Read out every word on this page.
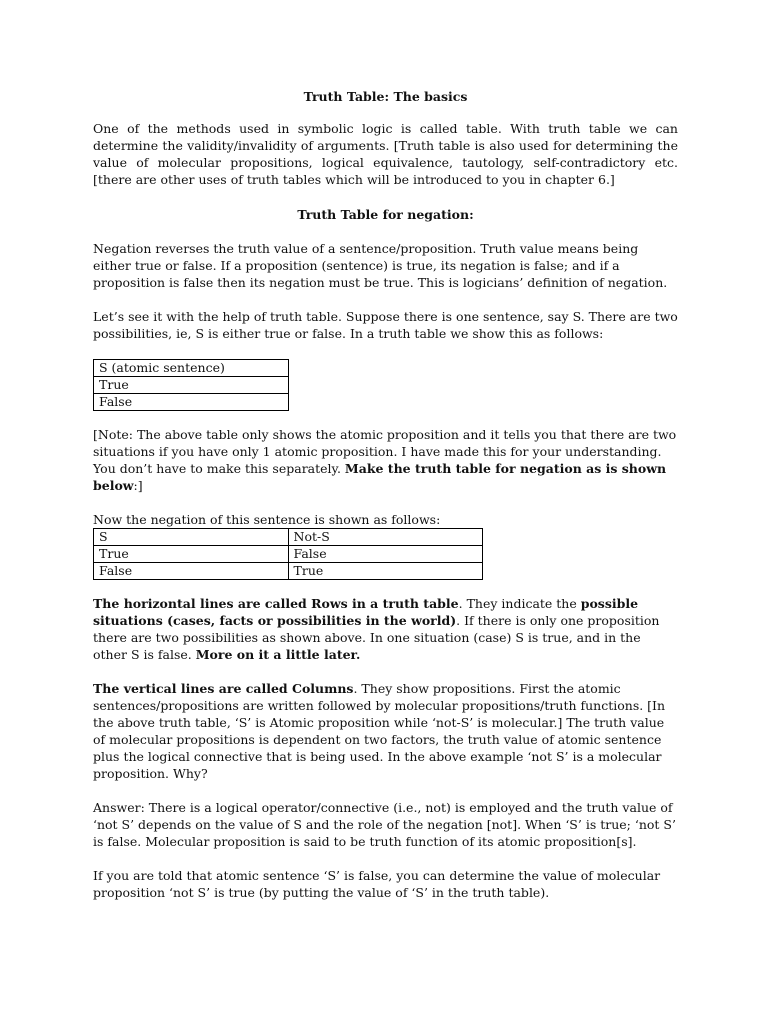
Truth Table: The basics

One of the methods used in symbolic logic is called table. With truth table we can determine the validity/invalidity of arguments. [Truth table is also used for determining the value of molecular propositions, logical equivalence, tautology, self-contradictory etc. [there are other uses of truth tables which will be introduced to you in chapter 6.]

Truth Table for negation:

Negation reverses the truth value of a sentence/proposition. Truth value means being either true or false. If a proposition (sentence) is true, its negation is false; and if a proposition is false then its negation must be true. This is logicians’ definition of negation.

Let’s see it with the help of truth table. Suppose there is one sentence, say S. There are two possibilities, ie, S is either true or false. In a truth table we show this as follows:

S (atomic sentence)
True
False

[Note: The above table only shows the atomic proposition and it tells you that there are two situations if you have only 1 atomic proposition. I have made this for your understanding. You don’t have to make this separately. Make the truth table for negation as is shown below:]

Now the negation of this sentence is shown as follows:

S	Not-S
True	False
False	True

The horizontal lines are called Rows in a truth table. They indicate the possible situations (cases, facts or possibilities in the world). If there is only one proposition there are two possibilities as shown above. In one situation (case) S is true, and in the other S is false. More on it a little later.

The vertical lines are called Columns. They show propositions. First the atomic sentences/propositions are written followed by molecular propositions/truth functions. [In the above truth table, ‘S’ is Atomic proposition while ‘not-S’ is molecular.] The truth value of molecular propositions is dependent on two factors, the truth value of atomic sentence plus the logical connective that is being used. In the above example ‘not S’ is a molecular proposition. Why?

Answer: There is a logical operator/connective (i.e., not) is employed and the truth value of ‘not S’ depends on the value of S and the role of the negation [not]. When ‘S’ is true; ‘not S’ is false. Molecular proposition is said to be truth function of its atomic proposition[s].

If you are told that atomic sentence ‘S’ is false, you can determine the value of molecular proposition ‘not S’ is true (by putting the value of ‘S’ in the truth table).
